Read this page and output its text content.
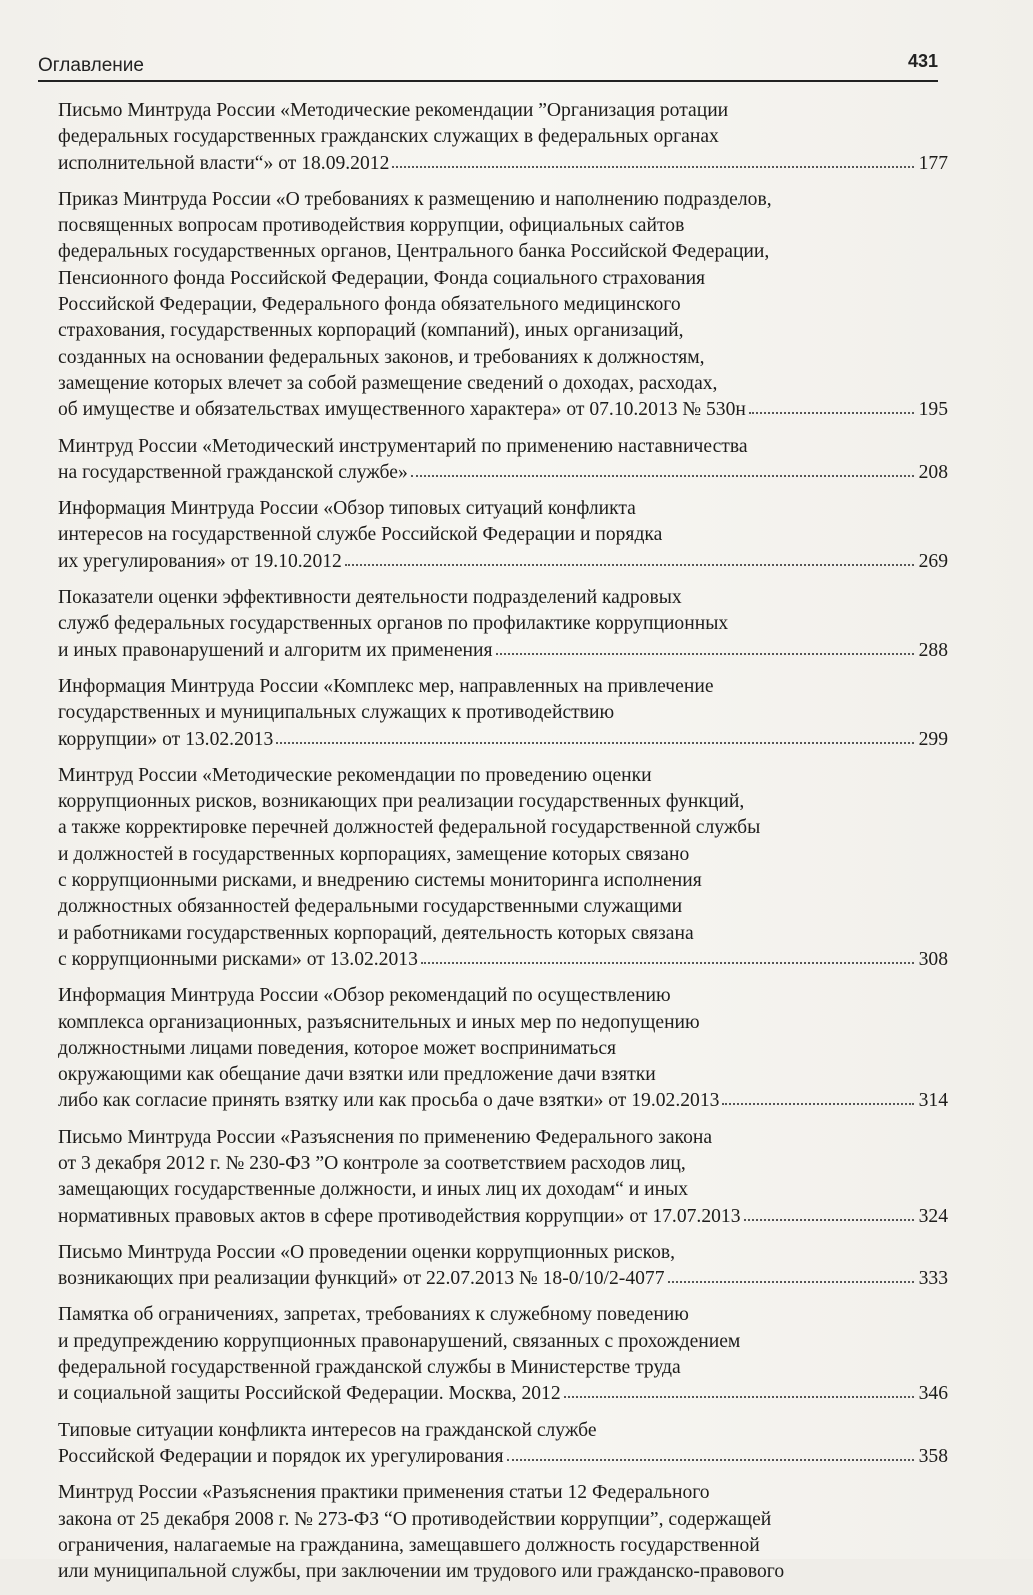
Оглавление	431
Письмо Минтруда России «Методические рекомендации ”Организация ротации
федеральных государственных гражданских служащих в федеральных органах
исполнительной власти“» от 18.09.2012	177
Приказ Минтруда России «О требованиях к размещению и наполнению подразделов,
посвященных вопросам противодействия коррупции, официальных сайтов
федеральных государственных органов, Центрального банка Российской Федерации,
Пенсионного фонда Российской Федерации, Фонда социального страхования
Российской Федерации, Федерального фонда обязательного медицинского
страхования, государственных корпораций (компаний), иных организаций,
созданных на основании федеральных законов, и требованиях к должностям,
замещение которых влечет за собой размещение сведений о доходах, расходах,
об имуществе и обязательствах имущественного характера» от 07.10.2013 № 530н	195
Минтруд России «Методический инструментарий по применению наставничества
на государственной гражданской службе»	208
Информация Минтруда России «Обзор типовых ситуаций конфликта
интересов на государственной службе Российской Федерации и порядка
их урегулирования» от 19.10.2012	269
Показатели оценки эффективности деятельности подразделений кадровых
служб федеральных государственных органов по профилактике коррупционных
и иных правонарушений и алгоритм их применения	288
Информация Минтруда России «Комплекс мер, направленных на привлечение
государственных и муниципальных служащих к противодействию
коррупции» от 13.02.2013	299
Минтруд России «Методические рекомендации по проведению оценки
коррупционных рисков, возникающих при реализации государственных функций,
а также корректировке перечней должностей федеральной государственной службы
и должностей в государственных корпорациях, замещение которых связано
с коррупционными рисками, и внедрению системы мониторинга исполнения
должностных обязанностей федеральными государственными служащими
и работниками государственных корпораций, деятельность которых связана
с коррупционными рисками» от 13.02.2013	308
Информация Минтруда России «Обзор рекомендаций по осуществлению
комплекса организационных, разъяснительных и иных мер по недопущению
должностными лицами поведения, которое может восприниматься
окружающими как обещание дачи взятки или предложение дачи взятки
либо как согласие принять взятку или как просьба о даче взятки» от 19.02.2013	314
Письмо Минтруда России «Разъяснения по применению Федерального закона
от 3 декабря 2012 г. № 230-ФЗ ”О контроле за соответствием расходов лиц,
замещающих государственные должности, и иных лиц их доходам“ и иных
нормативных правовых актов в сфере противодействия коррупции» от 17.07.2013	324
Письмо Минтруда России «О проведении оценки коррупционных рисков,
возникающих при реализации функций» от 22.07.2013 № 18-0/10/2-4077	333
Памятка об ограничениях, запретах, требованиях к служебному поведению
и предупреждению коррупционных правонарушений, связанных с прохождением
федеральной государственной гражданской службы в Министерстве труда
и социальной защиты Российской Федерации. Москва, 2012	346
Типовые ситуации конфликта интересов на гражданской службе
Российской Федерации и порядок их урегулирования	358
Минтруд России «Разъяснения практики применения статьи 12 Федерального
закона от 25 декабря 2008 г. № 273-ФЗ “О противодействии коррупции”, содержащей
ограничения, налагаемые на гражданина, замещавшего должность государственной
или муниципальной службы, при заключении им трудового или гражданско-правового
